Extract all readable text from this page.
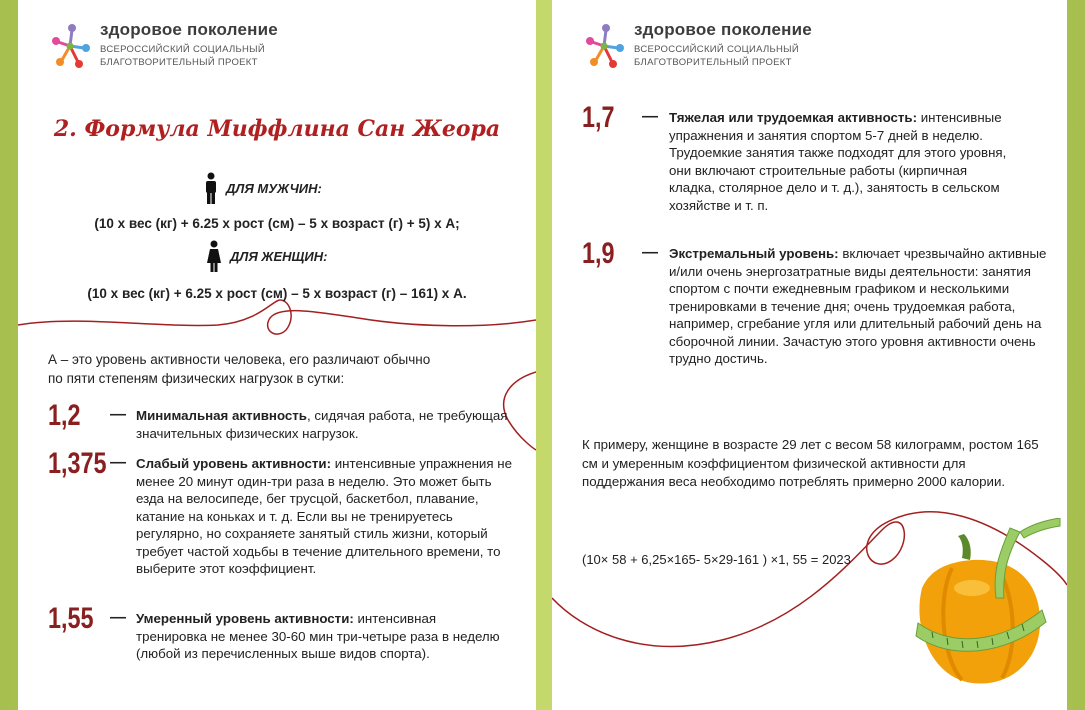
здоровое поколение
ВСЕРОССИЙСКИЙ СОЦИАЛЬНЫЙ
БЛАГОТВОРИТЕЛЬНЫЙ ПРОЕКТ
2. Формула Миффлина Сан Жеора
ДЛЯ МУЖЧИН:
(10 х вес (кг) + 6.25 х рост (см) – 5 х возраст (г) + 5) х А;
ДЛЯ ЖЕНЩИН:
(10 х вес (кг) + 6.25 х рост (см) – 5 х возраст (г) – 161) х А.
А – это уровень активности человека, его различают обычно
по пяти степеням физических нагрузок в сутки:
1,2 — Минимальная активность, сидячая работа, не требующая значительных физических нагрузок.
1,375 — Слабый уровень активности: интенсивные упражнения не менее 20 минут один-три раза в неделю. Это может быть езда на велосипеде, бег трусцой, баскетбол, плавание, катание на коньках и т. д. Если вы не тренируетесь регулярно, но сохраняете занятый стиль жизни, который требует частой ходьбы в течение длительного времени, то выберите этот коэффициент.
1,55 — Умеренный уровень активности: интенсивная тренировка не менее 30-60 мин три-четыре раза в неделю (любой из перечисленных выше видов спорта).
здоровое поколение
ВСЕРОССИЙСКИЙ СОЦИАЛЬНЫЙ
БЛАГОТВОРИТЕЛЬНЫЙ ПРОЕКТ
1,7 — Тяжелая или трудоемкая активность: интенсивные упражнения и занятия спортом 5-7 дней в неделю. Трудоемкие занятия также подходят для этого уровня, они включают строительные работы (кирпичная кладка, столярное дело и т. д.), занятость в сельском хозяйстве и т. п.
1,9 — Экстремальный уровень: включает чрезвычайно активные и/или очень энергозатратные виды деятельности: занятия спортом с почти ежедневным графиком и несколькими тренировками в течение дня; очень трудоемкая работа, например, сгребание угля или длительный рабочий день на сборочной линии. Зачастую этого уровня активности очень трудно достичь.
К примеру, женщине в возрасте 29 лет с весом 58 килограмм, ростом 165 см и умеренным коэффициентом физической активности для поддержания веса необходимо потреблять примерно 2000 калории.
(10× 58 + 6,25×165- 5×29-161 ) ×1, 55 = 2023
